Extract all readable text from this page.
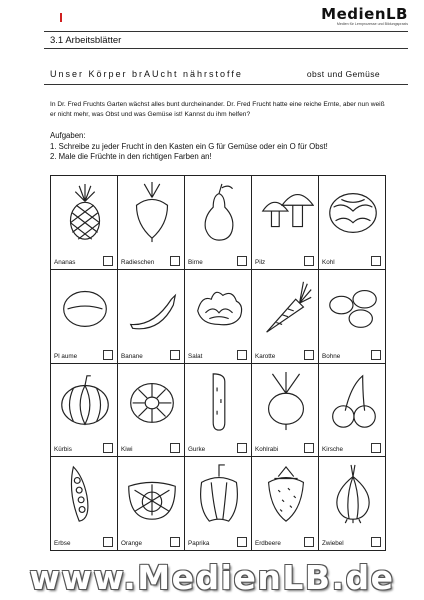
MedienLB
Medien für Lernprozesse und Bildungspraxis
3.1 Arbeitsblätter
Unser Körper brAUcht nährstoffe	obst und Gemüse
In Dr. Fred Fruchts Garten wächst alles bunt durcheinander. Dr. Fred Frucht hatte eine reiche Ernte, aber nun weiß er nicht mehr, was Obst und was Gemüse ist! Kannst du ihm helfen?
Aufgaben:
1. Schreibe zu jeder Frucht in den Kasten ein G für Gemüse oder ein O für Obst!
2. Male die Früchte in den richtigen Farben an!
Ananas	Radieschen	Birne	Pilz	Kohl
Pl aume	Banane	Salat	Karotte	Bohne
Kürbis	Kiwi	Gurke	Kohlrabi	Kirsche
Erbse	Orange	Paprika	Erdbeere	Zwiebel
www.MedienLB.de
